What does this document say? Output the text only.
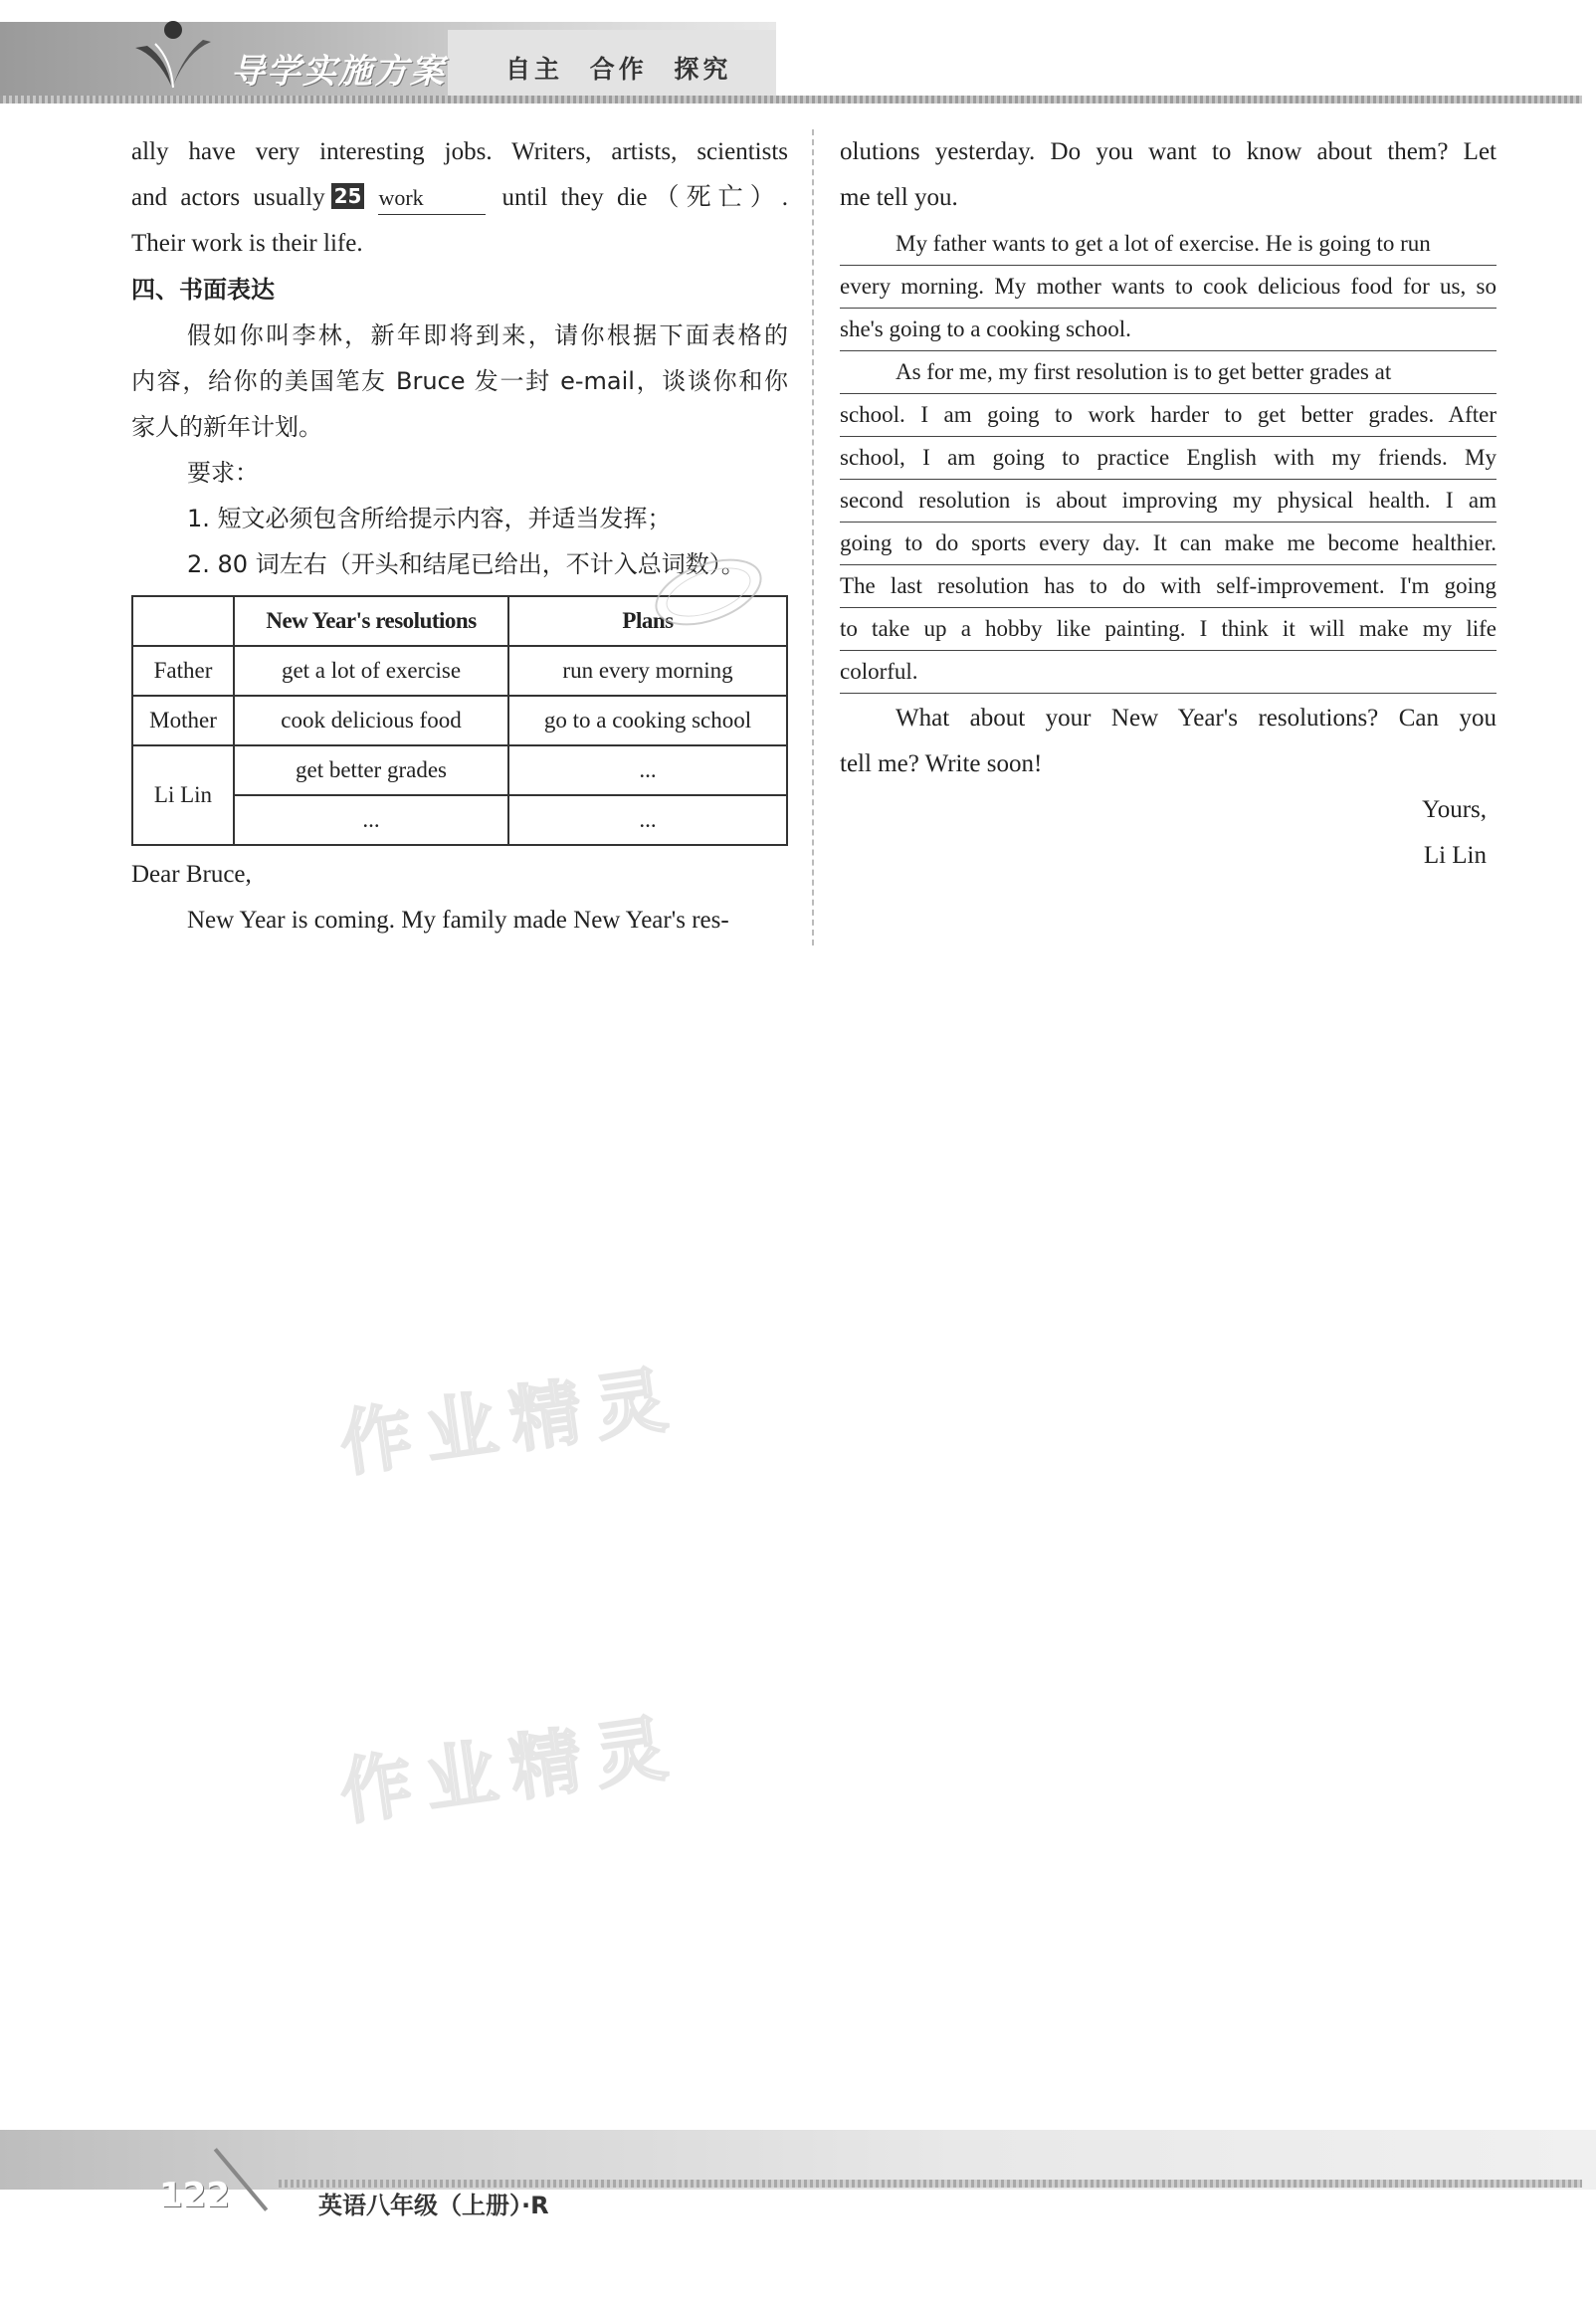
导学实施方案 自主 合作 探究

ally have very interesting jobs. Writers, artists, scientists

and actors usually 25 work	until they die（死亡）.

Their work is their life.

四、书面表达

假如你叫李林，新年即将到来，请你根据下面表格的

内容，给你的美国笔友 Bruce 发一封 e-mail，谈谈你和你

家人的新年计划。

要求：

1. 短文必须包含所给提示内容，并适当发挥；

2. 80 词左右（开头和结尾已给出，不计入总词数）。

	New Year's resolutions	Plans
Father	get a lot of exercise	run every morning
Mother	cook delicious food	go to a cooking school
Li Lin	get better grades	...
	...	...

Dear Bruce,

New Year is coming. My family made New Year's res-

olutions yesterday. Do you want to know about them? Let

me tell you.

My father wants to get a lot of exercise. He is going to run

every morning. My mother wants to cook delicious food for us, so

she's going to a cooking school.

As for me, my first resolution is to get better grades at

school. I am going to work harder to get better grades. After

school, I am going to practice English with my friends. My

second resolution is about improving my physical health. I am

going to do sports every day. It can make me become healthier.

The last resolution has to do with self-improvement. I'm going

to take up a hobby like painting. I think it will make my life

colorful.

What about your New Year's resolutions? Can you

tell me? Write soon!

Yours,

Li Lin

作业精灵
作业精灵
122	英语八年级（上册）·R
